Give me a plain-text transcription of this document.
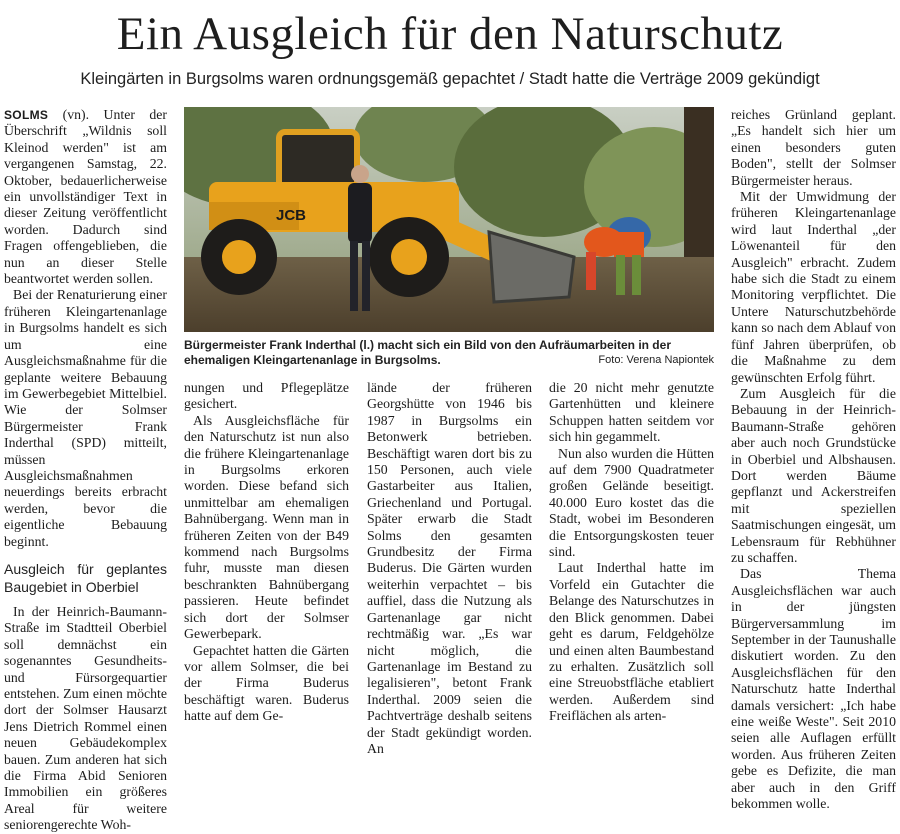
Ein Ausgleich für den Naturschutz
Kleingärten in Burgsolms waren ordnungsgemäß gepachtet / Stadt hatte die Verträge 2009 gekündigt

SOLMS (vn). Unter der Überschrift „Wildnis soll Kleinod werden" ist am vergangenen Samstag, 22. Oktober, bedauerlicherweise ein unvollständiger Text in dieser Zeitung veröffentlicht worden. Dadurch sind Fragen offengeblieben, die nun an dieser Stelle beantwortet werden sollen.

Bei der Renaturierung einer früheren Kleingartenanlage in Burgsolms handelt es sich um eine Ausgleichsmaßnahme für die geplante weitere Bebauung im Gewerbegebiet Mittelbiel. Wie der Solmser Bürgermeister Frank Inderthal (SPD) mitteilt, müssen Ausgleichsmaßnahmen neuerdings bereits erbracht werden, bevor die eigentliche Bebauung beginnt.

Ausgleich für geplantes Baugebiet in Oberbiel

In der Heinrich-Baumann-Straße im Stadtteil Oberbiel soll demnächst ein sogenanntes Gesundheits- und Fürsorgequartier entstehen. Zum einen möchte dort der Solmser Hausarzt Jens Dietrich Rommel einen neuen Gebäudekomplex bauen. Zum anderen hat sich die Firma Abid Senioren Immobilien ein größeres Areal für weitere seniorengerechte Woh-

JCB
Bürgermeister Frank Inderthal (l.) macht sich ein Bild von den Aufräumarbeiten in der ehemaligen Kleingartenanlage in Burgsolms.	Foto: Verena Napiontek

nungen und Pflegeplätze gesichert.

Als Ausgleichsfläche für den Naturschutz ist nun also die frühere Kleingartenanlage in Burgsolms erkoren worden. Diese befand sich unmittelbar am ehemaligen Bahnübergang. Wenn man in früheren Zeiten von der B49 kommend nach Burgsolms fuhr, musste man diesen beschrankten Bahnübergang passieren. Heute befindet sich dort der Solmser Gewerbepark.

Gepachtet hatten die Gärten vor allem Solmser, die bei der Firma Buderus beschäftigt waren. Buderus hatte auf dem Ge-

lände der früheren Georgshütte von 1946 bis 1987 in Burgsolms ein Betonwerk betrieben. Beschäftigt waren dort bis zu 150 Personen, auch viele Gastarbeiter aus Italien, Griechenland und Portugal. Später erwarb die Stadt Solms den gesamten Grundbesitz der Firma Buderus. Die Gärten wurden weiterhin verpachtet – bis auffiel, dass die Nutzung als Gartenanlage gar nicht rechtmäßig war. „Es war nicht möglich, die Gartenanlage im Bestand zu legalisieren", betont Frank Inderthal. 2009 seien die Pachtverträge deshalb seitens der Stadt gekündigt worden. An

die 20 nicht mehr genutzte Gartenhütten und kleinere Schuppen hatten seitdem vor sich hin gegammelt.

Nun also wurden die Hütten auf dem 7900 Quadratmeter großen Gelände beseitigt. 40.000 Euro kostet das die Stadt, wobei im Besonderen die Entsorgungskosten teuer sind.

Laut Inderthal hatte im Vorfeld ein Gutachter die Belange des Naturschutzes in den Blick genommen. Dabei geht es darum, Feldgehölze und einen alten Baumbestand zu erhalten. Zusätzlich soll eine Streuobstfläche etabliert werden. Außerdem sind Freiflächen als arten-

reiches Grünland geplant. „Es handelt sich hier um einen besonders guten Boden", stellt der Solmser Bürgermeister heraus.

Mit der Umwidmung der früheren Kleingartenanlage wird laut Inderthal „der Löwenanteil für den Ausgleich" erbracht. Zudem habe sich die Stadt zu einem Monitoring verpflichtet. Die Untere Naturschutzbehörde kann so nach dem Ablauf von fünf Jahren überprüfen, ob die Maßnahme zu dem gewünschten Erfolg führt.

Zum Ausgleich für die Bebauung in der Heinrich-Baumann-Straße gehören aber auch noch Grundstücke in Oberbiel und Albshausen. Dort werden Bäume gepflanzt und Ackerstreifen mit speziellen Saatmischungen eingesät, um Lebensraum für Rebhühner zu schaffen.

Das Thema Ausgleichsflächen war auch in der jüngsten Bürgerversammlung im September in der Taunushalle diskutiert worden. Zu den Ausgleichsflächen für den Naturschutz hatte Inderthal damals versichert: „Ich habe eine weiße Weste". Seit 2010 seien alle Auflagen erfüllt worden. Aus früheren Zeiten gebe es Defizite, die man aber auch in den Griff bekommen wolle.
